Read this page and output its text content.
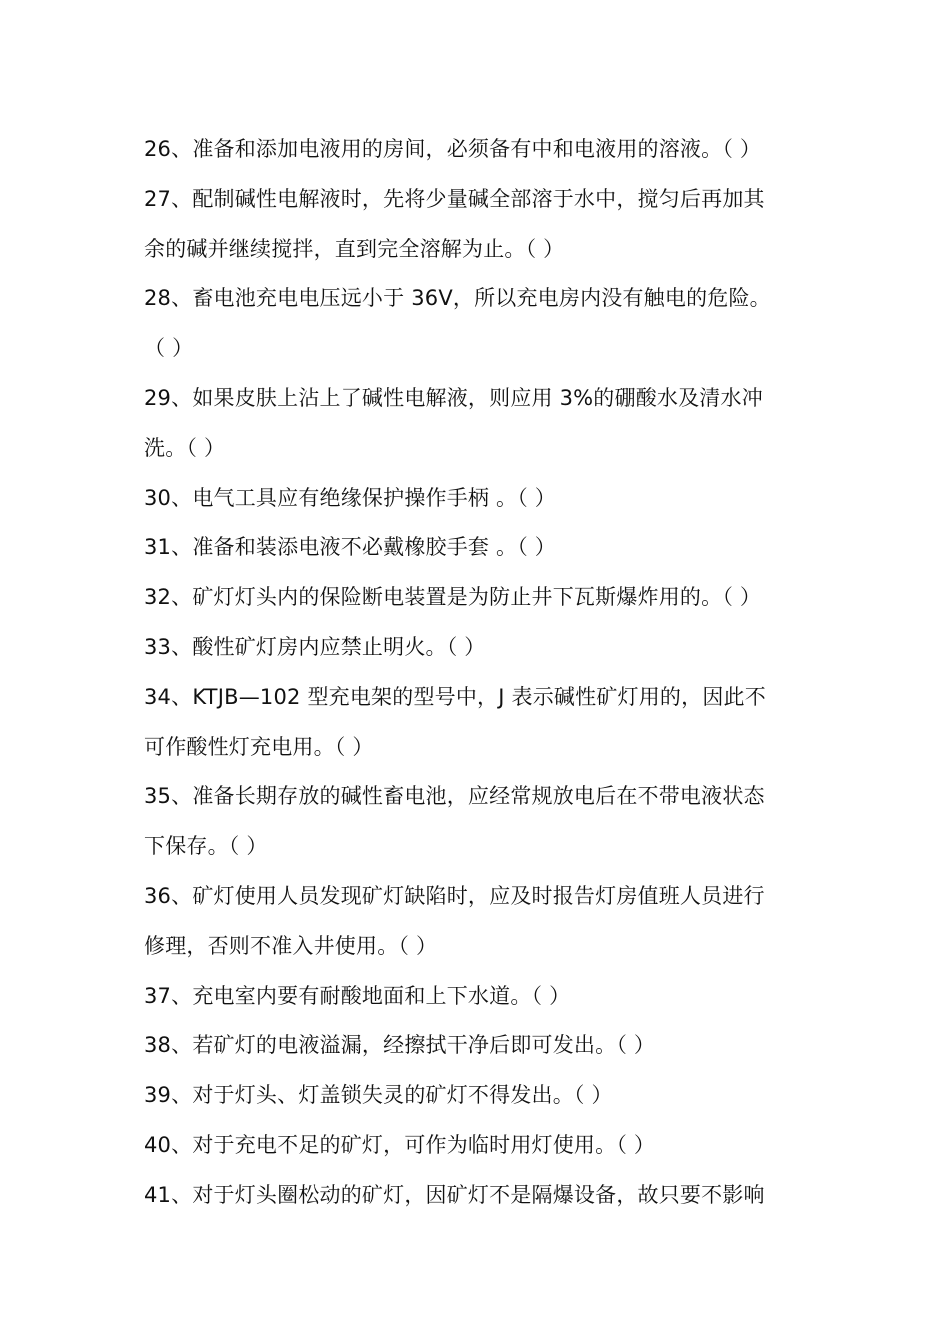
26、准备和添加电液用的房间，必须备有中和电液用的溶液。（ ）
27、配制碱性电解液时，先将少量碱全部溶于水中，搅匀后再加其
余的碱并继续搅拌，直到完全溶解为止。（ ）
28、畜电池充电电压远小于 36V，所以充电房内没有触电的危险。
（ ）
29、如果皮肤上沾上了碱性电解液，则应用 3%的硼酸水及清水冲
洗。（ ）
30、电气工具应有绝缘保护操作手柄 。（ ）
31、准备和装添电液不必戴橡胶手套 。（ ）
32、矿灯灯头内的保险断电装置是为防止井下瓦斯爆炸用的。（ ）
33、酸性矿灯房内应禁止明火。（ ）
34、KTJB—102 型充电架的型号中，J 表示碱性矿灯用的，因此不
可作酸性灯充电用。（ ）
35、准备长期存放的碱性畜电池，应经常规放电后在不带电液状态
下保存。（ ）
36、矿灯使用人员发现矿灯缺陷时，应及时报告灯房值班人员进行
修理，否则不准入井使用。（ ）
37、充电室内要有耐酸地面和上下水道。（ ）
38、若矿灯的电液溢漏，经擦拭干净后即可发出。（ ）
39、对于灯头、灯盖锁失灵的矿灯不得发出。（ ）
40、对于充电不足的矿灯，可作为临时用灯使用。（ ）
41、对于灯头圈松动的矿灯，因矿灯不是隔爆设备，故只要不影响
